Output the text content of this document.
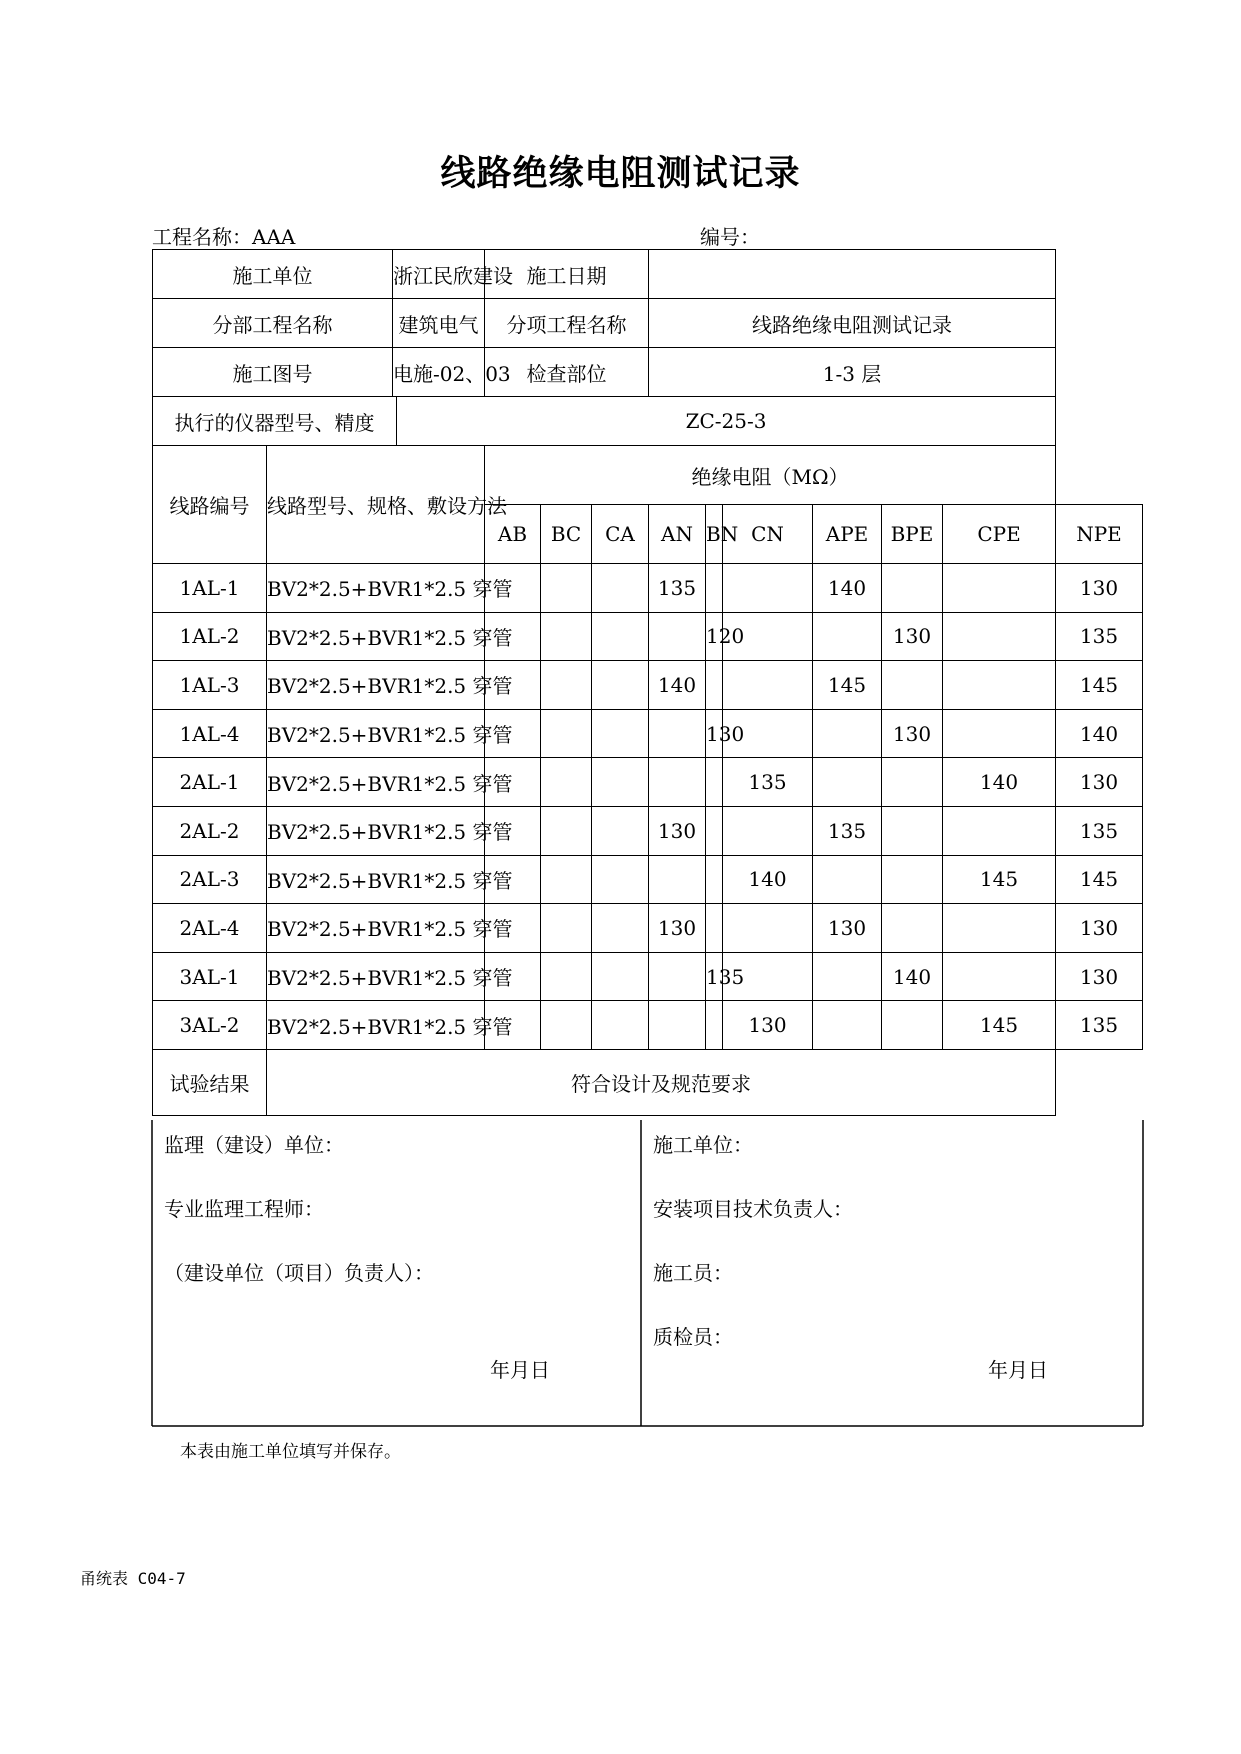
线路绝缘电阻测试记录
工程名称：AAA	编号：
施工单位		浙江民欣建设		施工日期									
分部工程名称		建筑电气		分项工程名称			线路绝缘电阻测试记录						
施工图号		电施-02、03		检查部位			1-3 层						
执行的仪器型号、精度			ZC-25-3										
线路编号	线路型号、规格、敷设方法			绝缘电阻（MΩ）									
				AB	BC	CA	AN	BN	CN	APE	BPE	CPE	NPE
1AL-1	BV2*2.5+BVR1*2.5 穿管						135			140			130
1AL-2	BV2*2.5+BVR1*2.5 穿管							120			130		135
1AL-3	BV2*2.5+BVR1*2.5 穿管						140			145			145
1AL-4	BV2*2.5+BVR1*2.5 穿管							130			130		140
2AL-1	BV2*2.5+BVR1*2.5 穿管								135			140	130
2AL-2	BV2*2.5+BVR1*2.5 穿管						130			135			135
2AL-3	BV2*2.5+BVR1*2.5 穿管								140			145	145
2AL-4	BV2*2.5+BVR1*2.5 穿管						130			130			130
3AL-1	BV2*2.5+BVR1*2.5 穿管							135			140		130
3AL-2	BV2*2.5+BVR1*2.5 穿管								130			145	135
试验结果	符合设计及规范要求												
监理（建设）单位：
专业监理工程师：
（建设单位（项目）负责人）：
年月日
施工单位：
安装项目技术负责人：
施工员：
质检员：
年月日
本表由施工单位填写并保存。
甬统表 C04-7
